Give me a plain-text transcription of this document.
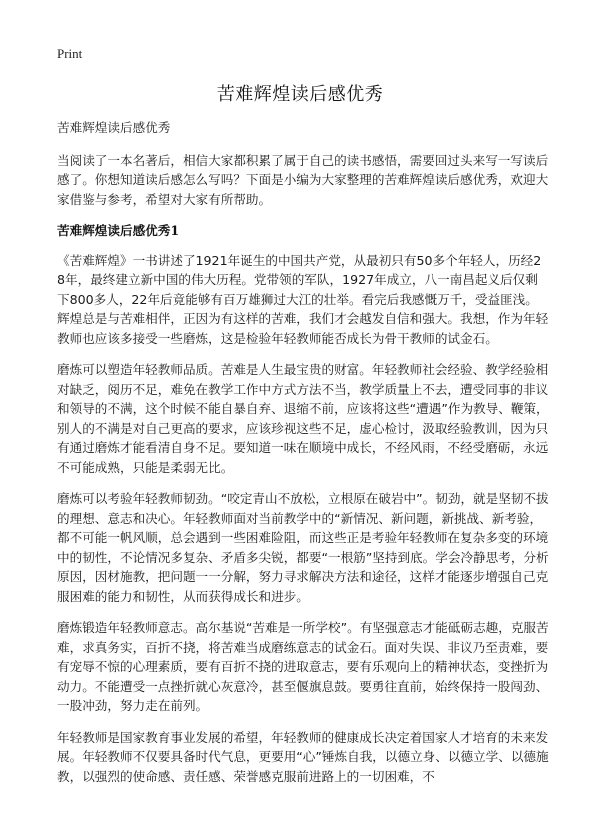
Print
苦难辉煌读后感优秀

苦难辉煌读后感优秀

当阅读了一本名著后，相信大家都积累了属于自己的读书感悟，需要回过头来写一写读后感了。你想知道读后感怎么写吗？下面是小编为大家整理的苦难辉煌读后感优秀，欢迎大家借鉴与参考，希望对大家有所帮助。

苦难辉煌读后感优秀1

《苦难辉煌》一书讲述了1921年诞生的中国共产党，从最初只有50多个年轻人，历经28年，最终建立新中国的伟大历程。党带领的军队，1927年成立，八一南昌起义后仅剩下800多人，22年后竟能够有百万雄狮过大江的壮举。看完后我感慨万千，受益匪浅。辉煌总是与苦难相伴，正因为有这样的苦难，我们才会越发自信和强大。我想，作为年轻教师也应该多接受一些磨炼，这是检验年轻教师能否成长为骨干教师的试金石。

磨炼可以塑造年轻教师品质。苦难是人生最宝贵的财富。年轻教师社会经验、教学经验相对缺乏，阅历不足，难免在教学工作中方式方法不当，教学质量上不去，遭受同事的非议和领导的不满，这个时候不能自暴自弃、退缩不前，应该将这些“遭遇”作为教导、鞭策，别人的不满是对自己更高的要求，应该珍视这些不足，虚心检讨，汲取经验教训，因为只有通过磨炼才能看清自身不足。要知道一味在顺境中成长，不经风雨，不经受磨砺，永远不可能成熟，只能是柔弱无比。

磨炼可以考验年轻教师韧劲。“咬定青山不放松，立根原在破岩中”。韧劲，就是坚韧不拔的理想、意志和决心。年轻教师面对当前教学中的“新情况、新问题，新挑战、新考验，都不可能一帆风顺，总会遇到一些困难险阻，而这些正是考验年轻教师在复杂多变的环境中的韧性，不论情况多复杂、矛盾多尖锐，都要“一根筋”坚持到底。学会冷静思考，分析原因，因材施教，把问题一一分解，努力寻求解决方法和途径，这样才能逐步增强自己克服困难的能力和韧性，从而获得成长和进步。

磨炼锻造年轻教师意志。高尔基说“苦难是一所学校”。有坚强意志才能砥砺志趣，克服苦难，求真务实，百折不挠，将苦难当成磨练意志的试金石。面对失误、非议乃至责难，要有宠辱不惊的心理素质，要有百折不挠的进取意志，要有乐观向上的精神状态，变挫折为动力。不能遭受一点挫折就心灰意冷，甚至偃旗息鼓。要勇往直前，始终保持一股闯劲、一股冲劲，努力走在前列。

年轻教师是国家教育事业发展的希望，年轻教师的健康成长决定着国家人才培育的未来发展。年轻教师不仅要具备时代气息，更要用“心”锤炼自我，以德立身、以德立学、以德施教，以强烈的使命感、责任感、荣誉感克服前进路上的一切困难，不
